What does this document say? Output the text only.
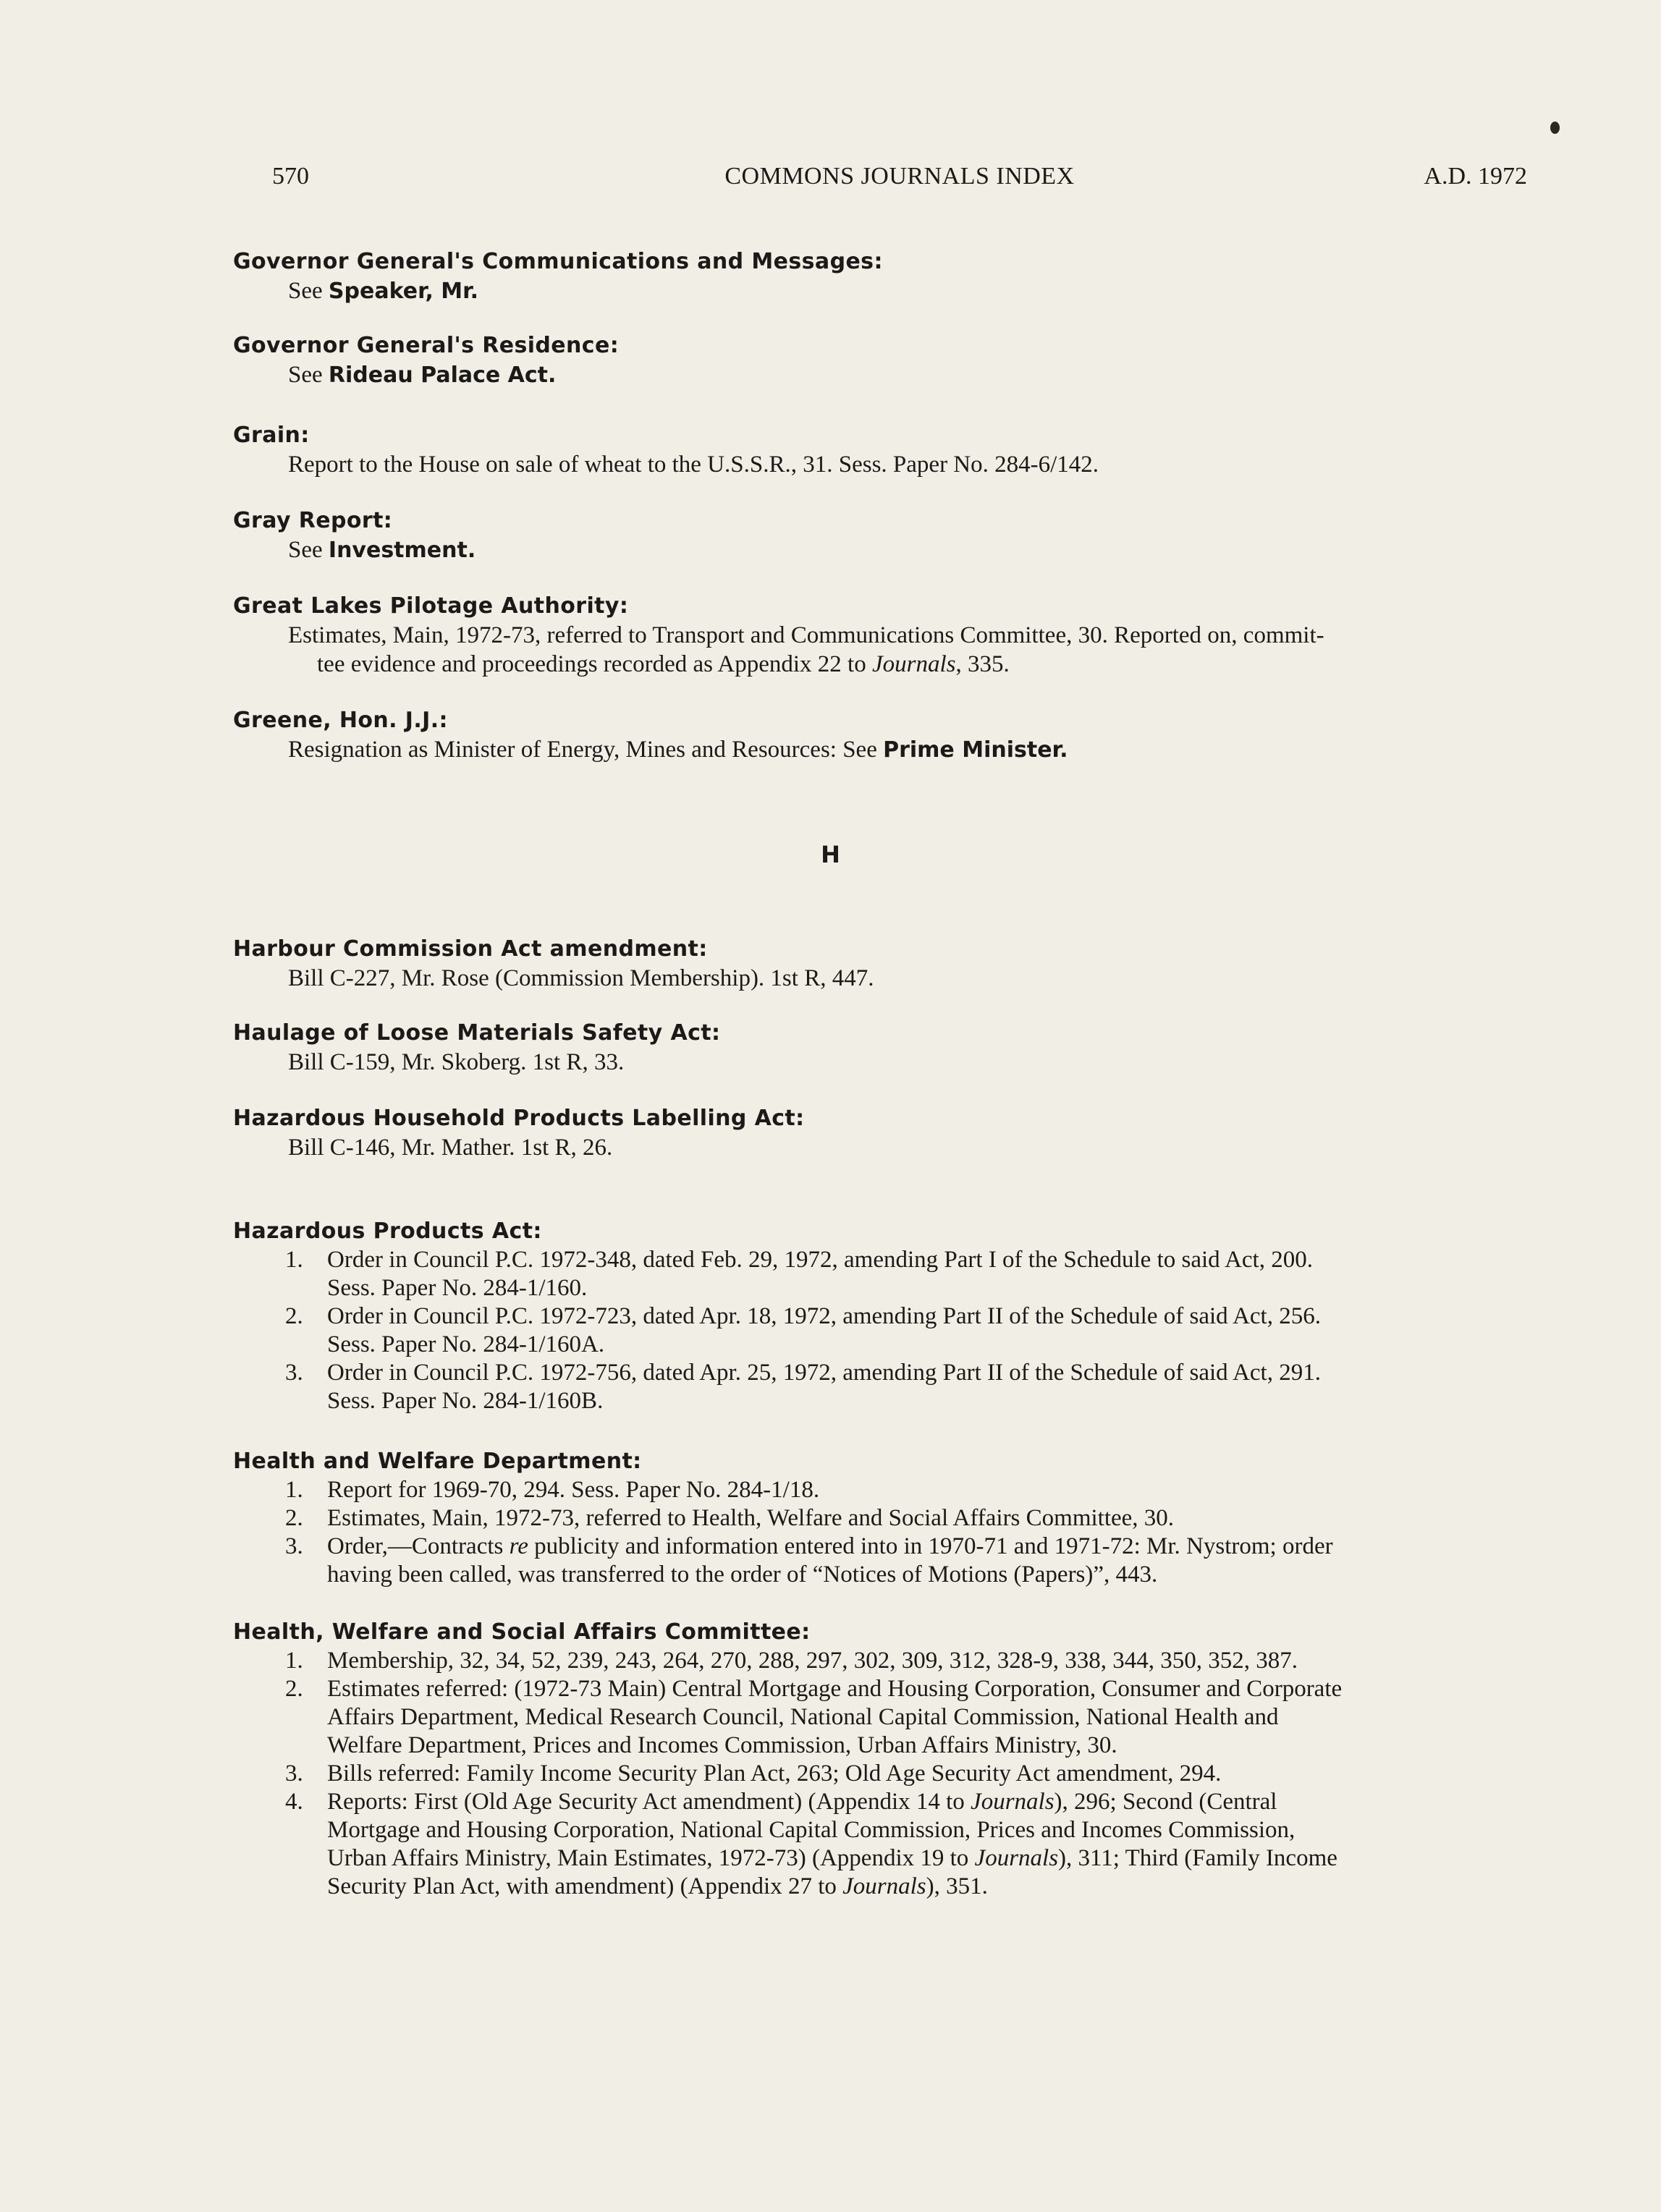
570	COMMONS JOURNALS INDEX	A.D. 1972
Governor General's Communications and Messages:
See Speaker, Mr.
Governor General's Residence:
See Rideau Palace Act.
Grain:
Report to the House on sale of wheat to the U.S.S.R., 31. Sess. Paper No. 284-6/142.
Gray Report:
See Investment.
Great Lakes Pilotage Authority:
Estimates, Main, 1972-73, referred to Transport and Communications Committee, 30. Reported on, commit-
tee evidence and proceedings recorded as Appendix 22 to Journals, 335.
Greene, Hon. J.J.:
Resignation as Minister of Energy, Mines and Resources: See Prime Minister.
H
Harbour Commission Act amendment:
Bill C-227, Mr. Rose (Commission Membership). 1st R, 447.
Haulage of Loose Materials Safety Act:
Bill C-159, Mr. Skoberg. 1st R, 33.
Hazardous Household Products Labelling Act:
Bill C-146, Mr. Mather. 1st R, 26.
Hazardous Products Act:
1. Order in Council P.C. 1972-348, dated Feb. 29, 1972, amending Part I of the Schedule to said Act, 200.
Sess. Paper No. 284-1/160.
2. Order in Council P.C. 1972-723, dated Apr. 18, 1972, amending Part II of the Schedule of said Act, 256.
Sess. Paper No. 284-1/160A.
3. Order in Council P.C. 1972-756, dated Apr. 25, 1972, amending Part II of the Schedule of said Act, 291.
Sess. Paper No. 284-1/160B.
Health and Welfare Department:
1. Report for 1969-70, 294. Sess. Paper No. 284-1/18.
2. Estimates, Main, 1972-73, referred to Health, Welfare and Social Affairs Committee, 30.
3. Order,—Contracts re publicity and information entered into in 1970-71 and 1971-72: Mr. Nystrom; order
having been called, was transferred to the order of “Notices of Motions (Papers)”, 443.
Health, Welfare and Social Affairs Committee:
1. Membership, 32, 34, 52, 239, 243, 264, 270, 288, 297, 302, 309, 312, 328-9, 338, 344, 350, 352, 387.
2. Estimates referred: (1972-73 Main) Central Mortgage and Housing Corporation, Consumer and Corporate
Affairs Department, Medical Research Council, National Capital Commission, National Health and
Welfare Department, Prices and Incomes Commission, Urban Affairs Ministry, 30.
3. Bills referred: Family Income Security Plan Act, 263; Old Age Security Act amendment, 294.
4. Reports: First (Old Age Security Act amendment) (Appendix 14 to Journals), 296; Second (Central
Mortgage and Housing Corporation, National Capital Commission, Prices and Incomes Commission,
Urban Affairs Ministry, Main Estimates, 1972-73) (Appendix 19 to Journals), 311; Third (Family Income
Security Plan Act, with amendment) (Appendix 27 to Journals), 351.
